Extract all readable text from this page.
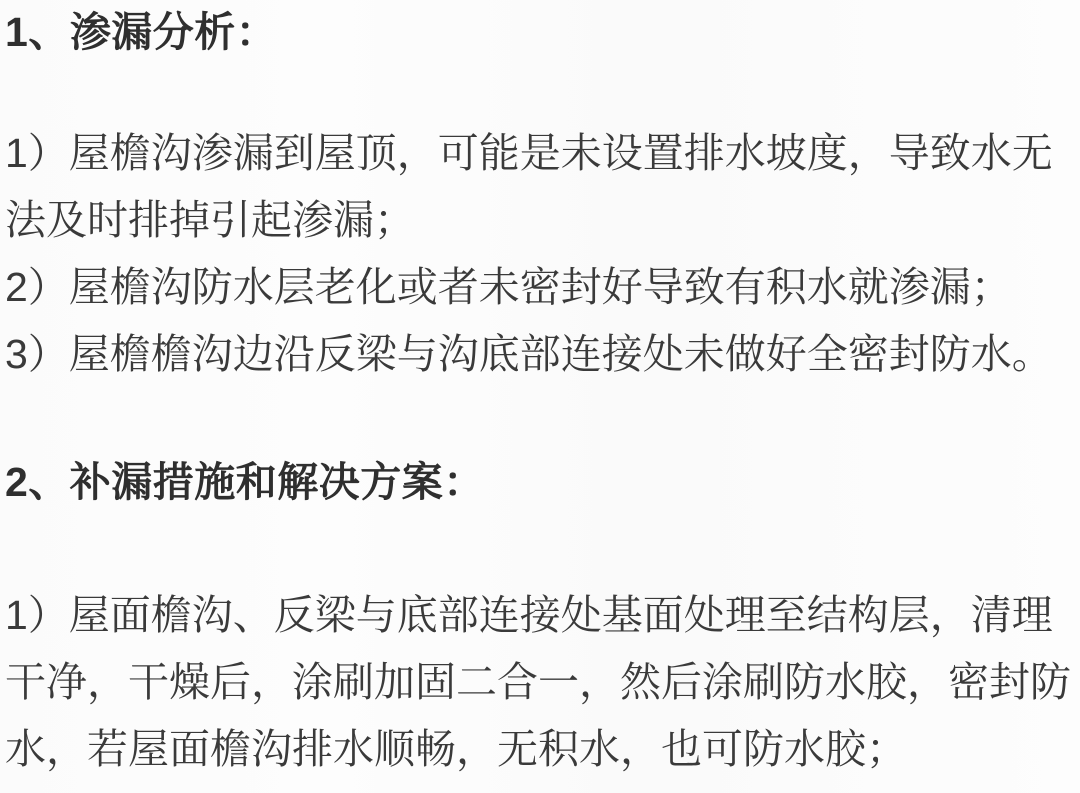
1、渗漏分析：
1）屋檐沟渗漏到屋顶，可能是未设置排水坡度，导致水无
法及时排掉引起渗漏；
2）屋檐沟防水层老化或者未密封好导致有积水就渗漏；
3）屋檐檐沟边沿反梁与沟底部连接处未做好全密封防水。
2、补漏措施和解决方案：
1）屋面檐沟、反梁与底部连接处基面处理至结构层，清理
干净，干燥后，涂刷加固二合一，然后涂刷防水胶，密封防
水，若屋面檐沟排水顺畅，无积水，也可防水胶；
